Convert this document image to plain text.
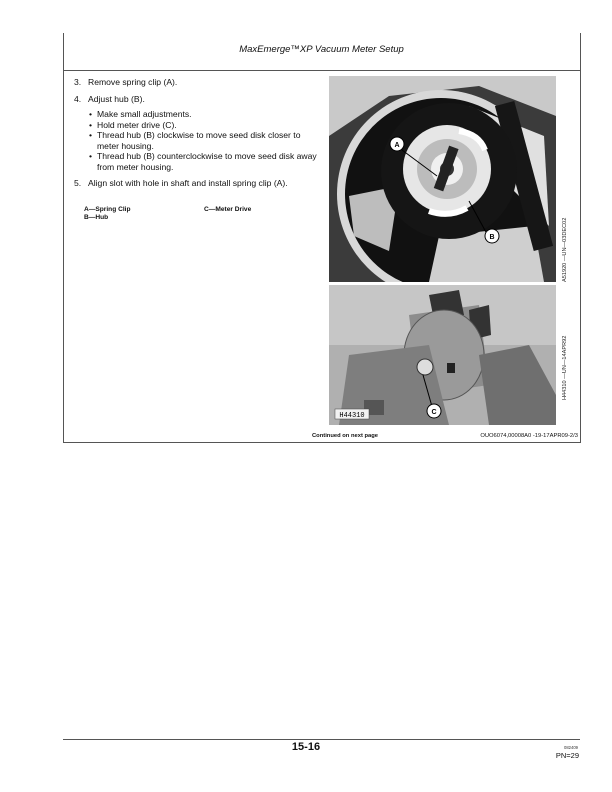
MaxEmerge™XP Vacuum Meter Setup
3. Remove spring clip (A).
4. Adjust hub (B).
• Make small adjustments.
• Hold meter drive (C).
• Thread hub (B) clockwise to move seed disk closer to meter housing.
• Thread hub (B) counterclockwise to move seed disk away from meter housing.
5. Align slot with hole in shaft and install spring clip (A).
A—Spring Clip
B—Hub
C—Meter Drive
A
B	A51920 —UN—03DEC02
H44310	C
H44310 —UN—14APR92
Continued on next page	OUO6074,00008A0 -19-17APR09-2/3
15-16	082409
PN=29
